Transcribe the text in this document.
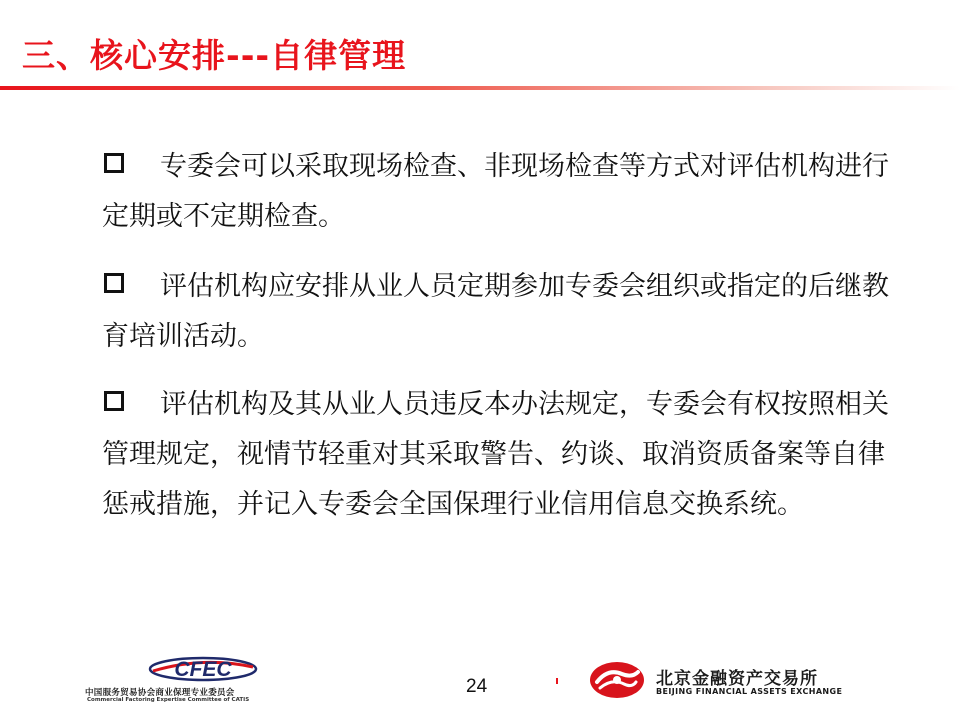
三、核心安排---自律管理
专委会可以采取现场检查、非现场检查等方式对评估机构进行定期或不定期检查。
评估机构应安排从业人员定期参加专委会组织或指定的后继教育培训活动。
评估机构及其从业人员违反本办法规定，专委会有权按照相关管理规定，视情节轻重对其采取警告、约谈、取消资质备案等自律惩戒措施，并记入专委会全国保理行业信用信息交换系统。
CFEC
中国服务贸易协会商业保理专业委员会
Commercial Factoring Expertise Committee of CATIS
24	北京金融资产交易所
BEIJING FINANCIAL ASSETS EXCHANGE
